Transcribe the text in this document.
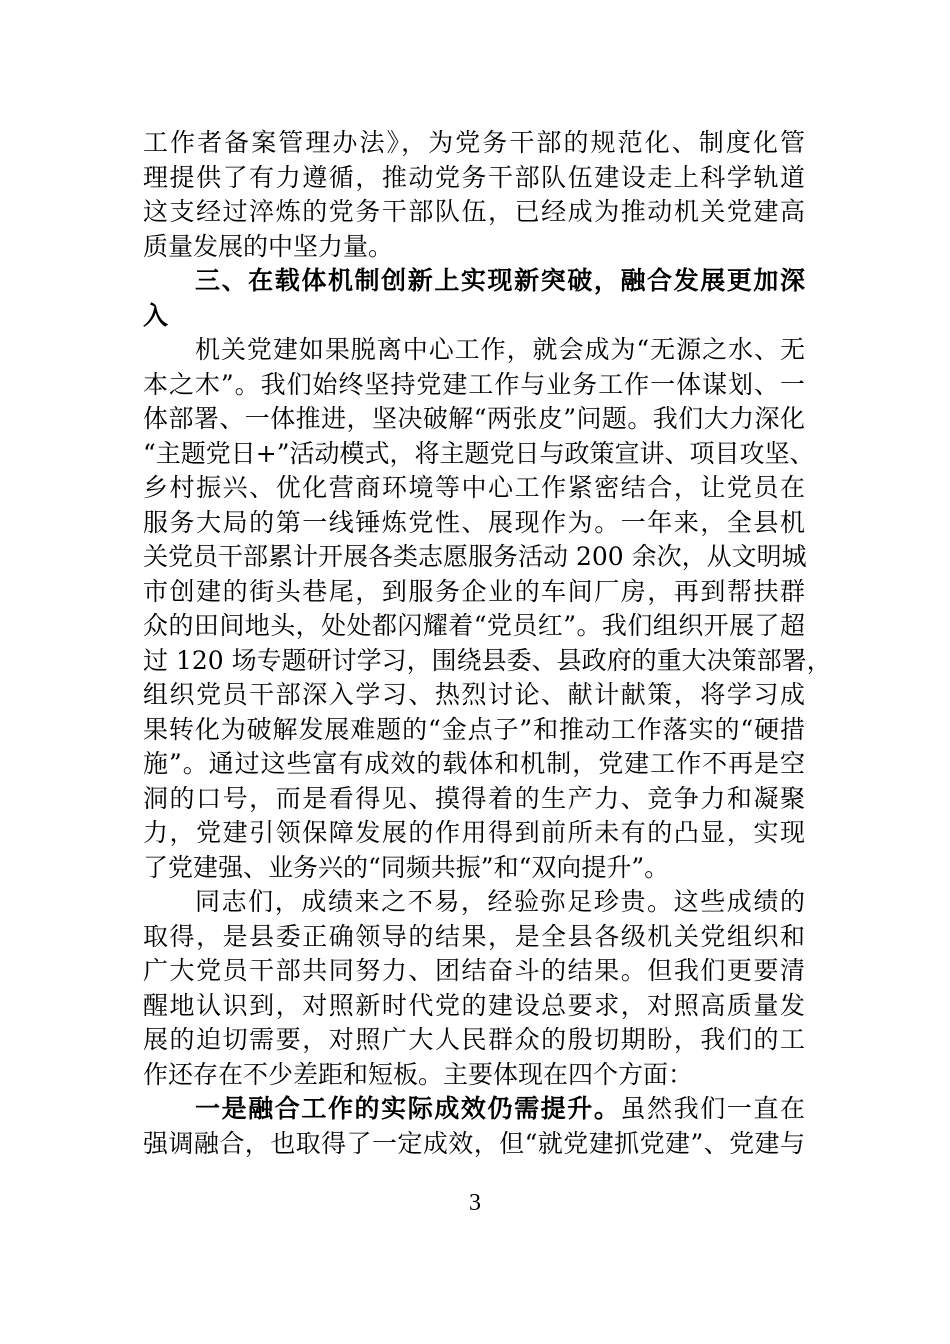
工作者备案管理办法》，为党务干部的规范化、制度化管
理提供了有力遵循，推动党务干部队伍建设走上科学轨道
这支经过淬炼的党务干部队伍，已经成为推动机关党建高
质量发展的中坚力量。
三、在载体机制创新上实现新突破，融合发展更加深
入
机关党建如果脱离中心工作，就会成为“无源之水、无
本之木”。我们始终坚持党建工作与业务工作一体谋划、一
体部署、一体推进，坚决破解“两张皮”问题。我们大力深化
“主题党日+”活动模式，将主题党日与政策宣讲、项目攻坚、
乡村振兴、优化营商环境等中心工作紧密结合，让党员在
服务大局的第一线锤炼党性、展现作为。一年来，全县机
关党员干部累计开展各类志愿服务活动 200 余次，从文明城
市创建的街头巷尾，到服务企业的车间厂房，再到帮扶群
众的田间地头，处处都闪耀着“党员红”。我们组织开展了超
过 120 场专题研讨学习，围绕县委、县政府的重大决策部署，
组织党员干部深入学习、热烈讨论、献计献策，将学习成
果转化为破解发展难题的“金点子”和推动工作落实的“硬措
施”。通过这些富有成效的载体和机制，党建工作不再是空
洞的口号，而是看得见、摸得着的生产力、竞争力和凝聚
力，党建引领保障发展的作用得到前所未有的凸显，实现
了党建强、业务兴的“同频共振”和“双向提升”。
同志们，成绩来之不易，经验弥足珍贵。这些成绩的
取得，是县委正确领导的结果，是全县各级机关党组织和
广大党员干部共同努力、团结奋斗的结果。但我们更要清
醒地认识到，对照新时代党的建设总要求，对照高质量发
展的迫切需要，对照广大人民群众的殷切期盼，我们的工
作还存在不少差距和短板。主要体现在四个方面：
一是融合工作的实际成效仍需提升。虽然我们一直在
强调融合，也取得了一定成效，但“就党建抓党建”、党建与
3
